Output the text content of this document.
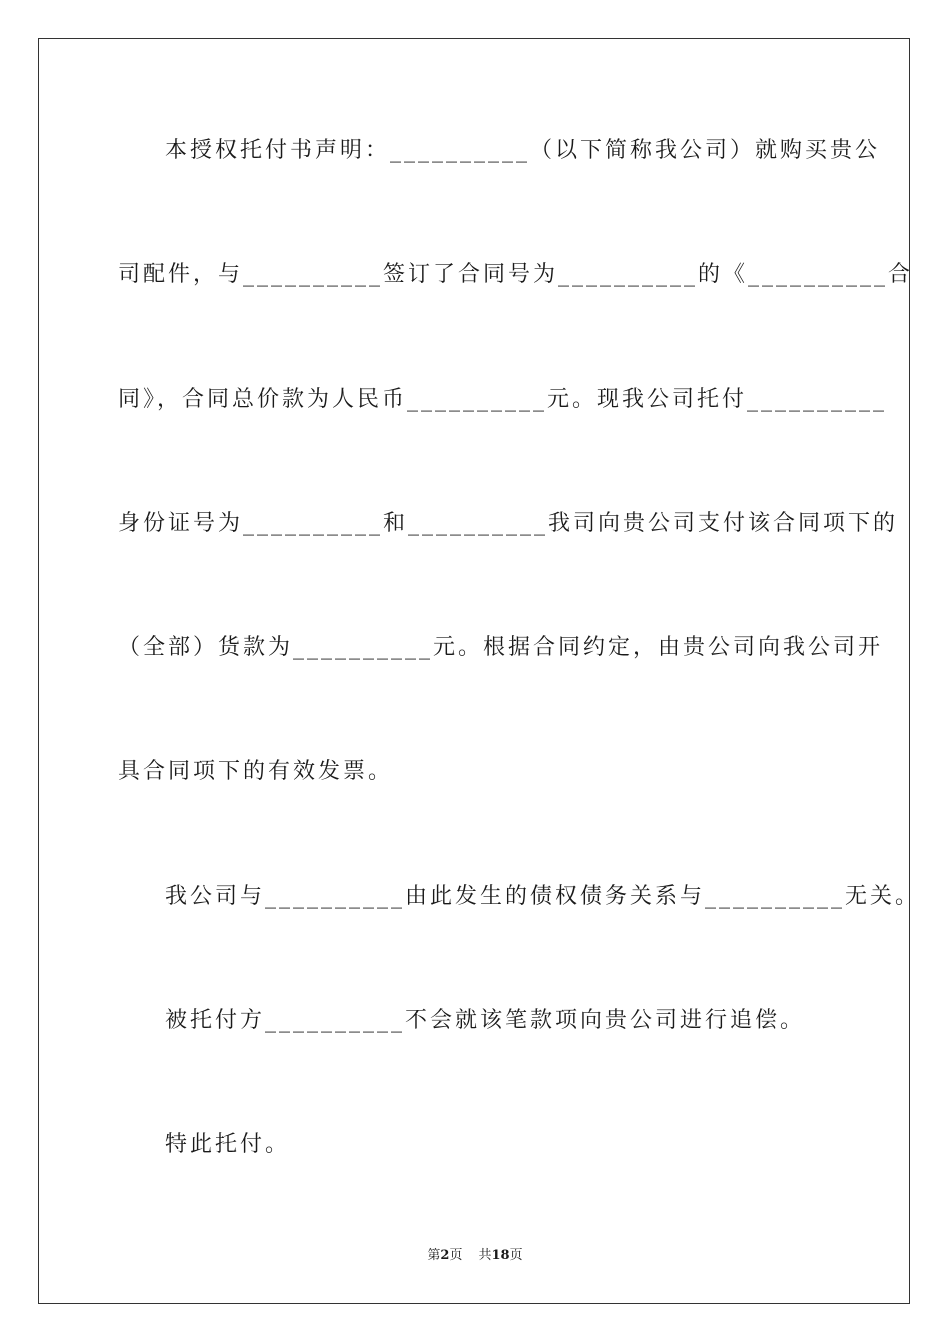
本授权托付书声明：__________（以下简称我公司）就购买贵公
司配件，与__________签订了合同号为__________的《__________合
同》，合同总价款为人民币__________元。现我公司托付__________
身份证号为__________和__________我司向贵公司支付该合同项下的
（全部）货款为__________元。根据合同约定，由贵公司向我公司开
具合同项下的有效发票。
我公司与__________由此发生的债权债务关系与__________无关。
被托付方__________不会就该笔款项向贵公司进行追偿。
特此托付。
第2页 共18页
